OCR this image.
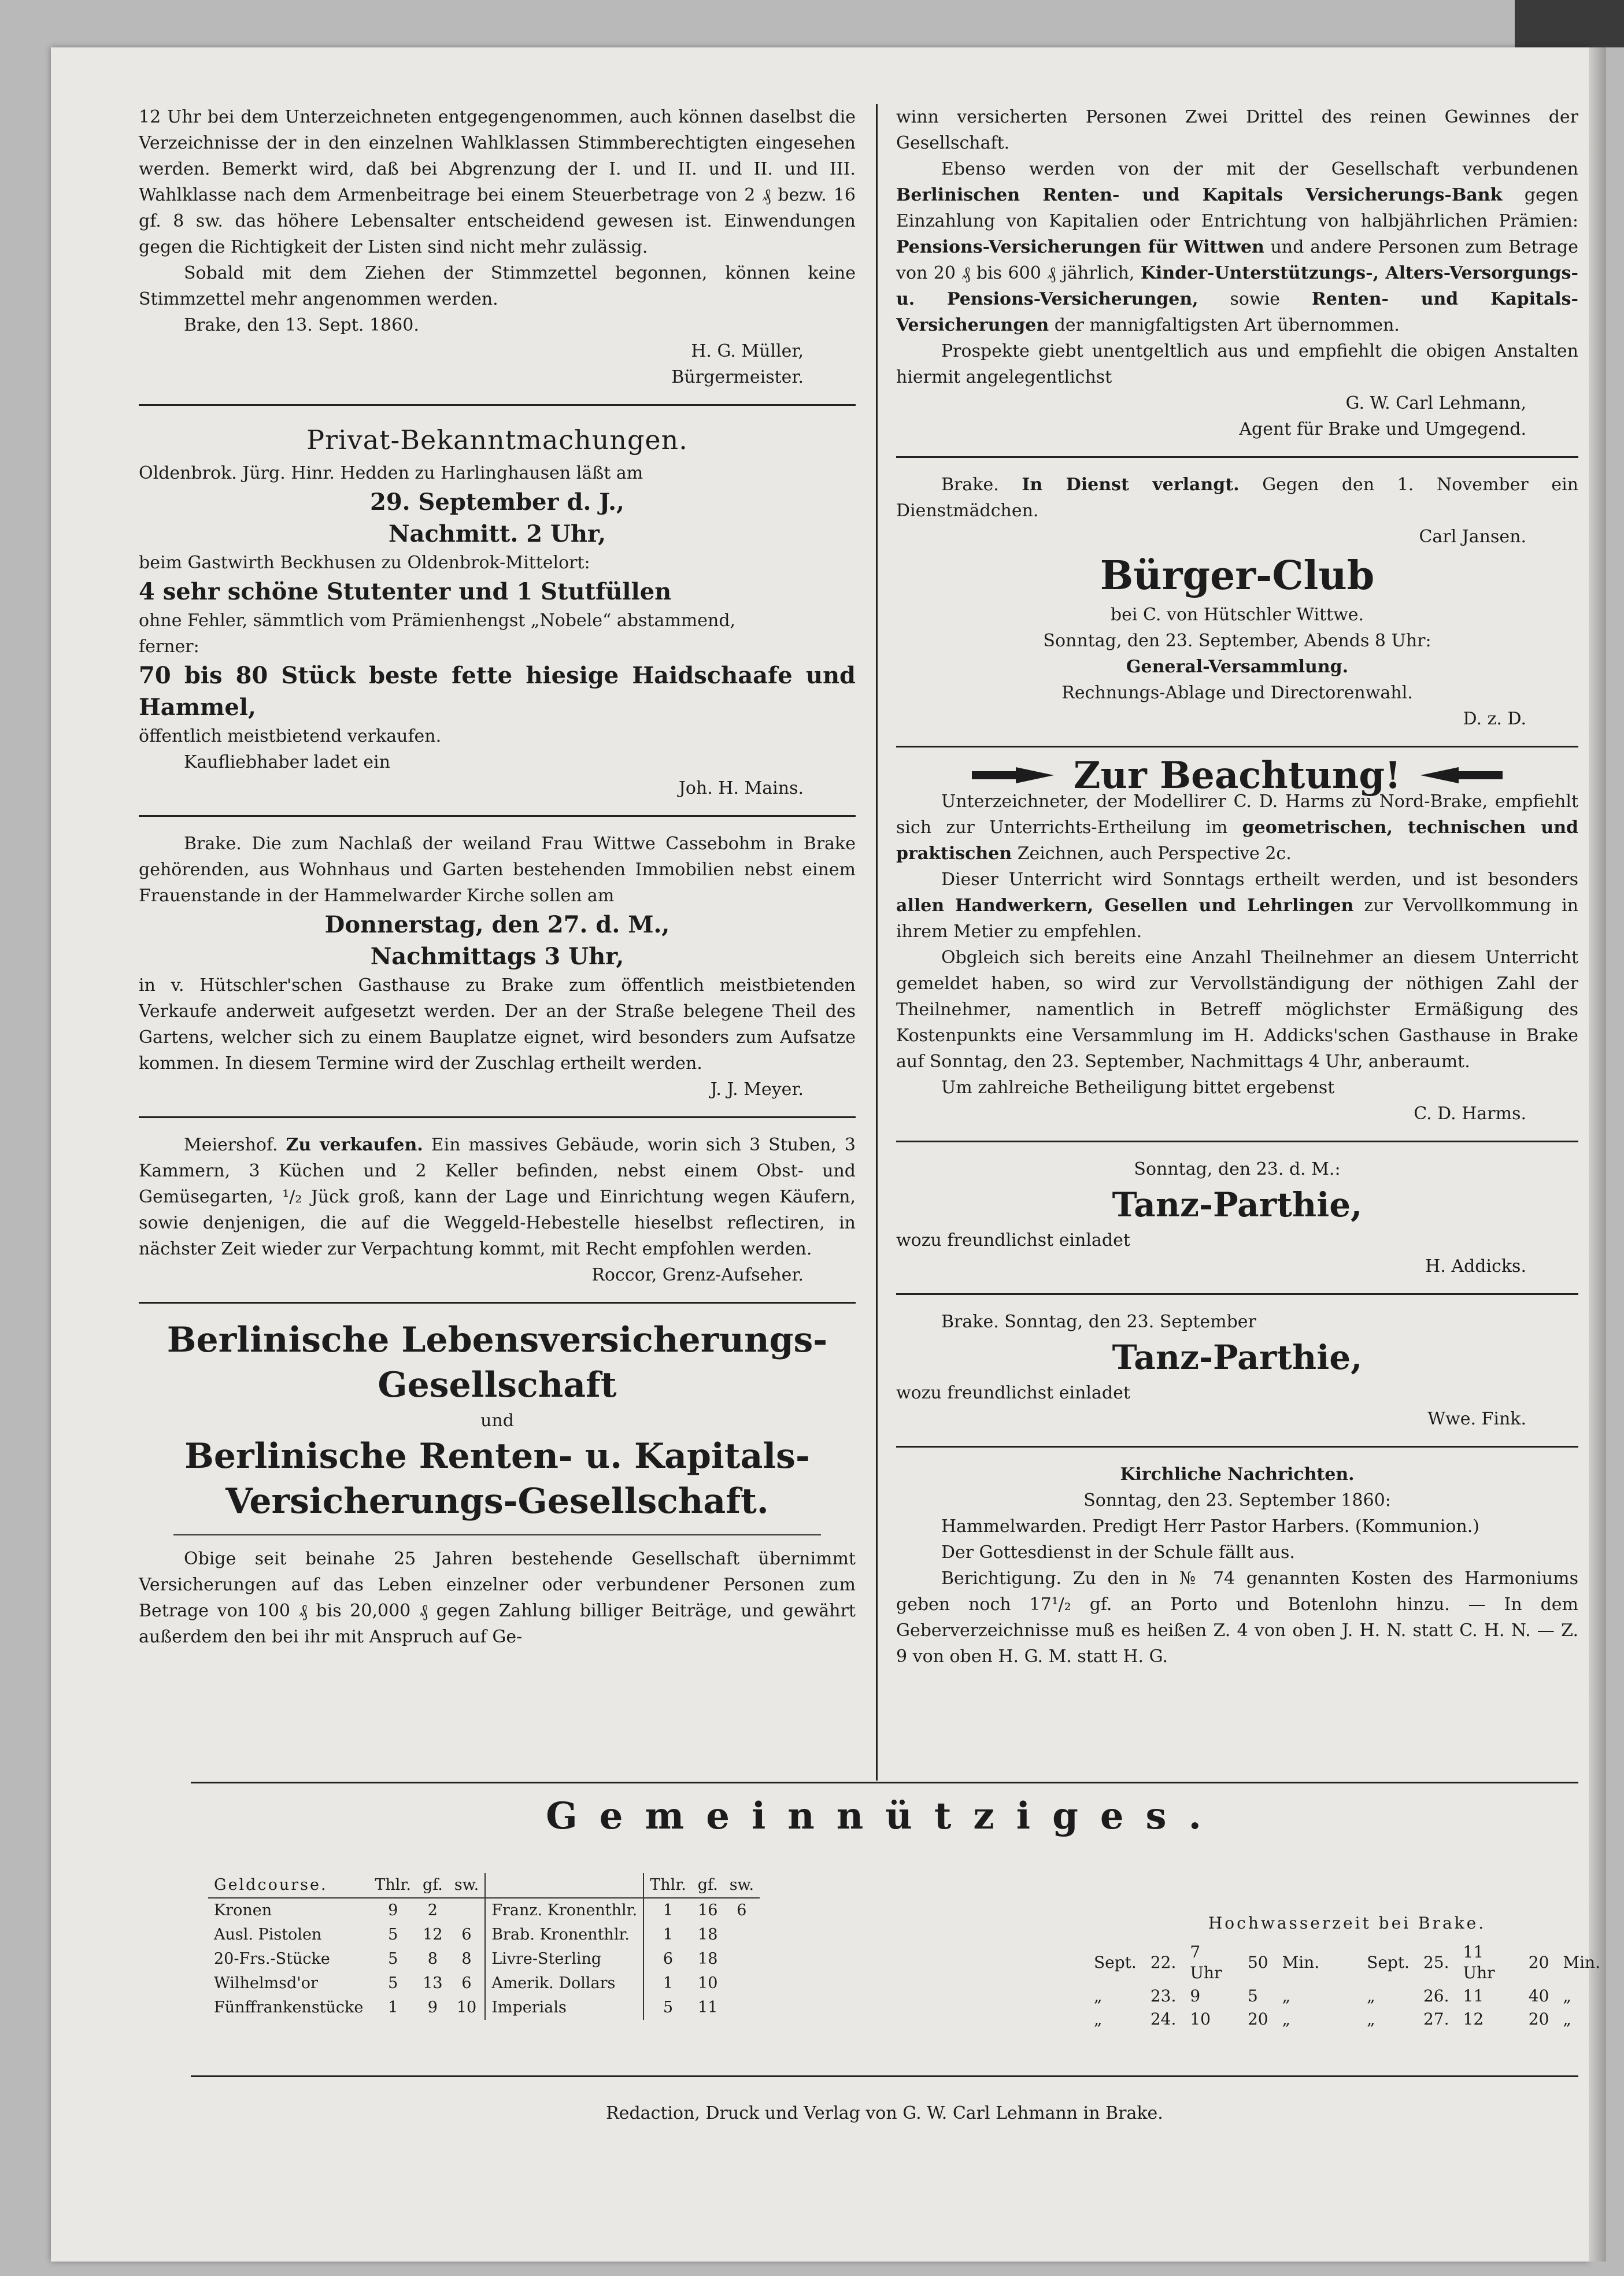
12 Uhr bei dem Unterzeichneten entgegengenommen, auch können daselbst die Verzeichnisse der in den einzelnen Wahlklassen Stimmberechtigten eingesehen werden. Bemerkt wird, daß bei Abgrenzung der I. und II. und II. und III. Wahlklasse nach dem Armenbeitrage bei einem Steuerbetrage von 2 ₰ bezw. 16 gf. 8 sw. das höhere Lebensalter entscheidend gewesen ist. Einwendungen gegen die Richtigkeit der Listen sind nicht mehr zulässig.

Sobald mit dem Ziehen der Stimmzettel begonnen, können keine Stimmzettel mehr angenommen werden.

Brake, den 13. Sept. 1860.

H. G. Müller,

Bürgermeister.

Privat-Bekanntmachungen.

Oldenbrok. Jürg. Hinr. Hedden zu Harlinghausen läßt am

29. September d. J.,

Nachmitt. 2 Uhr,

beim Gastwirth Beckhusen zu Oldenbrok-Mittelort:

4 sehr schöne Stutenter und 1 Stutfüllen

ohne Fehler, sämmtlich vom Prämienhengst „Nobele“ abstammend,

ferner:

70 bis 80 Stück beste fette hiesige Haidschaafe und Hammel,

öffentlich meistbietend verkaufen.

Kaufliebhaber ladet ein

Joh. H. Mains.

Brake. Die zum Nachlaß der weiland Frau Wittwe Cassebohm in Brake gehörenden, aus Wohnhaus und Garten bestehenden Immobilien nebst einem Frauenstande in der Hammelwarder Kirche sollen am

Donnerstag, den 27. d. M.,

Nachmittags 3 Uhr,

in v. Hütschler'schen Gasthause zu Brake zum öffentlich meistbietenden Verkaufe anderweit aufgesetzt werden. Der an der Straße belegene Theil des Gartens, welcher sich zu einem Bauplatze eignet, wird besonders zum Aufsatze kommen. In diesem Termine wird der Zuschlag ertheilt werden.

J. J. Meyer.

Meiershof. Zu verkaufen. Ein massives Gebäude, worin sich 3 Stuben, 3 Kammern, 3 Küchen und 2 Keller befinden, nebst einem Obst- und Gemüsegarten, ¹/₂ Jück groß, kann der Lage und Einrichtung wegen Käufern, sowie denjenigen, die auf die Weggeld-Hebestelle hieselbst reflectiren, in nächster Zeit wieder zur Verpachtung kommt, mit Recht empfohlen werden.

Roccor, Grenz-Aufseher.

Berlinische Lebensversicherungs-Gesellschaft
und
Berlinische Renten- u. Kapitals-Versicherungs-Gesellschaft.

Obige seit beinahe 25 Jahren bestehende Gesellschaft übernimmt Versicherungen auf das Leben einzelner oder verbundener Personen zum Betrage von 100 ₰ bis 20,000 ₰ gegen Zahlung billiger Beiträge, und gewährt außerdem den bei ihr mit Anspruch auf Ge-

winn versicherten Personen Zwei Drittel des reinen Gewinnes der Gesellschaft.

Ebenso werden von der mit der Gesellschaft verbundenen Berlinischen Renten- und Kapitals Versicherungs-Bank gegen Einzahlung von Kapitalien oder Entrichtung von halbjährlichen Prämien: Pensions-Versicherungen für Wittwen und andere Personen zum Betrage von 20 ₰ bis 600 ₰ jährlich, Kinder-Unterstützungs-, Alters-Versorgungs- u. Pensions-Versicherungen, sowie Renten- und Kapitals-Versicherungen der mannigfaltigsten Art übernommen.

Prospekte giebt unentgeltlich aus und empfiehlt die obigen Anstalten hiermit angelegentlichst

G. W. Carl Lehmann,

Agent für Brake und Umgegend.

Brake. In Dienst verlangt. Gegen den 1. November ein Dienstmädchen.

Carl Jansen.

Bürger-Club

bei C. von Hütschler Wittwe.

Sonntag, den 23. September, Abends 8 Uhr:

General-Versammlung.

Rechnungs-Ablage und Directorenwahl.

D. z. D.

Zur Beachtung!

Unterzeichneter, der Modellirer C. D. Harms zu Nord-Brake, empfiehlt sich zur Unterrichts-Ertheilung im geometrischen, technischen und praktischen Zeichnen, auch Perspective 2c.

Dieser Unterricht wird Sonntags ertheilt werden, und ist besonders allen Handwerkern, Gesellen und Lehrlingen zur Vervollkommung in ihrem Metier zu empfehlen.

Obgleich sich bereits eine Anzahl Theilnehmer an diesem Unterricht gemeldet haben, so wird zur Vervollständigung der nöthigen Zahl der Theilnehmer, namentlich in Betreff möglichster Ermäßigung des Kostenpunkts eine Versammlung im H. Addicks'schen Gasthause in Brake auf Sonntag, den 23. September, Nachmittags 4 Uhr, anberaumt.

Um zahlreiche Betheiligung bittet ergebenst

C. D. Harms.

Sonntag, den 23. d. M.:

Tanz-Parthie,

wozu freundlichst einladet

H. Addicks.

Brake. Sonntag, den 23. September

Tanz-Parthie,

wozu freundlichst einladet

Wwe. Fink.

Kirchliche Nachrichten.

Sonntag, den 23. September 1860:

Hammelwarden. Predigt Herr Pastor Harbers. (Kommunion.)

Der Gottesdienst in der Schule fällt aus.

Berichtigung. Zu den in № 74 genannten Kosten des Harmoniums geben noch 17¹/₂ gf. an Porto und Botenlohn hinzu. — In dem Geberverzeichnisse muß es heißen Z. 4 von oben J. H. N. statt C. H. N. — Z. 9 von oben H. G. M. statt H. G.

Gemeinnütziges.
Geldcourse.	Thlr.	gf.	sw.		Thlr.	gf.	sw.
Kronen	9	2		Franz. Kronenthlr.	1	16	6
Ausl. Pistolen	5	12	6	Brab. Kronenthlr.	1	18	
20-Frs.-Stücke	5	8	8	Livre-Sterling	6	18	
Wilhelmsd'or	5	13	6	Amerik. Dollars	1	10	
Fünffrankenstücke	1	9	10	Imperials	5	11	
Hochwasserzeit bei Brake.
Sept.	22.	7 Uhr	50	Min.	Sept.	25.	11 Uhr	20	Min.
„	23.	9	5	„	„	26.	11	40	„
„	24.	10	20	„	„	27.	12	20	„
Redaction, Druck und Verlag von G. W. Carl Lehmann in Brake.
